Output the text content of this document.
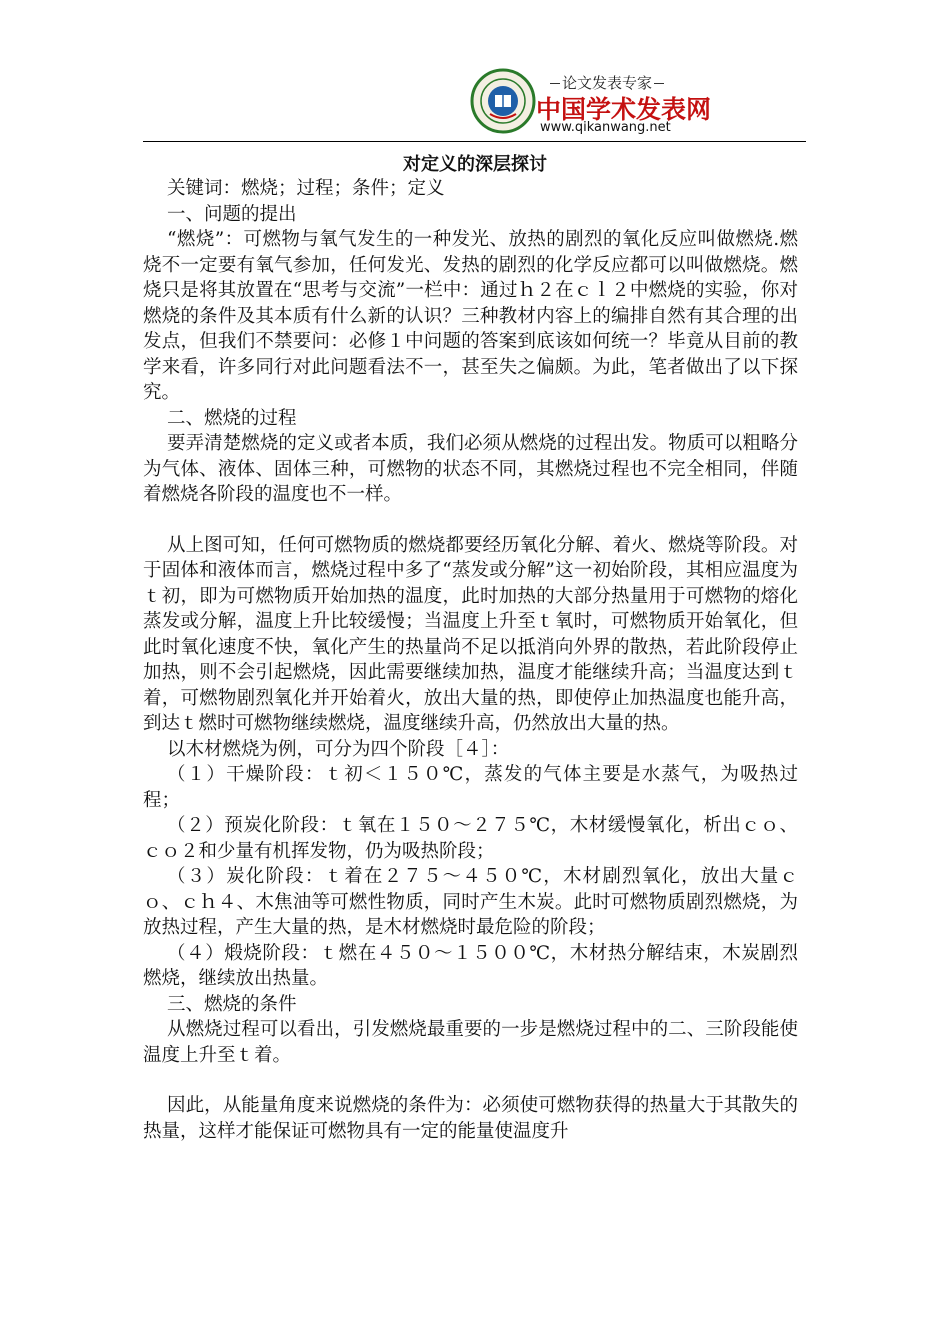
论文发表专家
中国学术发表网
www.qikanwang.net
对定义的深层探讨

关键词：燃烧；过程；条件；定义

一、问题的提出

“燃烧”：可燃物与氧气发生的一种发光、放热的剧烈的氧化反应叫做燃烧.燃烧不一定要有氧气参加，任何发光、发热的剧烈的化学反应都可以叫做燃烧。燃烧只是将其放置在“思考与交流”一栏中：通过ｈ２在ｃｌ２中燃烧的实验，你对燃烧的条件及其本质有什么新的认识？三种教材内容上的编排自然有其合理的出发点，但我们不禁要问：必修１中问题的答案到底该如何统一？毕竟从目前的教学来看，许多同行对此问题看法不一，甚至失之偏颇。为此，笔者做出了以下探究。

二、燃烧的过程

要弄清楚燃烧的定义或者本质，我们必须从燃烧的过程出发。物质可以粗略分为气体、液体、固体三种，可燃物的状态不同，其燃烧过程也不完全相同，伴随着燃烧各阶段的温度也不一样。

从上图可知，任何可燃物质的燃烧都要经历氧化分解、着火、燃烧等阶段。对于固体和液体而言，燃烧过程中多了“蒸发或分解”这一初始阶段，其相应温度为ｔ初，即为可燃物质开始加热的温度，此时加热的大部分热量用于可燃物的熔化蒸发或分解，温度上升比较缓慢；当温度上升至ｔ氧时，可燃物质开始氧化，但此时氧化速度不快，氧化产生的热量尚不足以抵消向外界的散热，若此阶段停止加热，则不会引起燃烧，因此需要继续加热，温度才能继续升高；当温度达到ｔ着，可燃物剧烈氧化并开始着火，放出大量的热，即使停止加热温度也能升高，到达ｔ燃时可燃物继续燃烧，温度继续升高，仍然放出大量的热。

以木材燃烧为例，可分为四个阶段［４］：

（１）干燥阶段：ｔ初＜１５０℃，蒸发的气体主要是水蒸气，为吸热过程；

（２）预炭化阶段：ｔ氧在１５０～２７５℃，木材缓慢氧化，析出ｃｏ、ｃｏ２和少量有机挥发物，仍为吸热阶段；

（３）炭化阶段：ｔ着在２７５～４５０℃，木材剧烈氧化，放出大量ｃｏ、ｃｈ４、木焦油等可燃性物质，同时产生木炭。此时可燃物质剧烈燃烧，为放热过程，产生大量的热，是木材燃烧时最危险的阶段；

（４）煅烧阶段：ｔ燃在４５０～１５００℃，木材热分解结束，木炭剧烈燃烧，继续放出热量。

三、燃烧的条件

从燃烧过程可以看出，引发燃烧最重要的一步是燃烧过程中的二、三阶段能使温度上升至ｔ着。

因此，从能量角度来说燃烧的条件为：必须使可燃物获得的热量大于其散失的热量，这样才能保证可燃物具有一定的能量使温度升
